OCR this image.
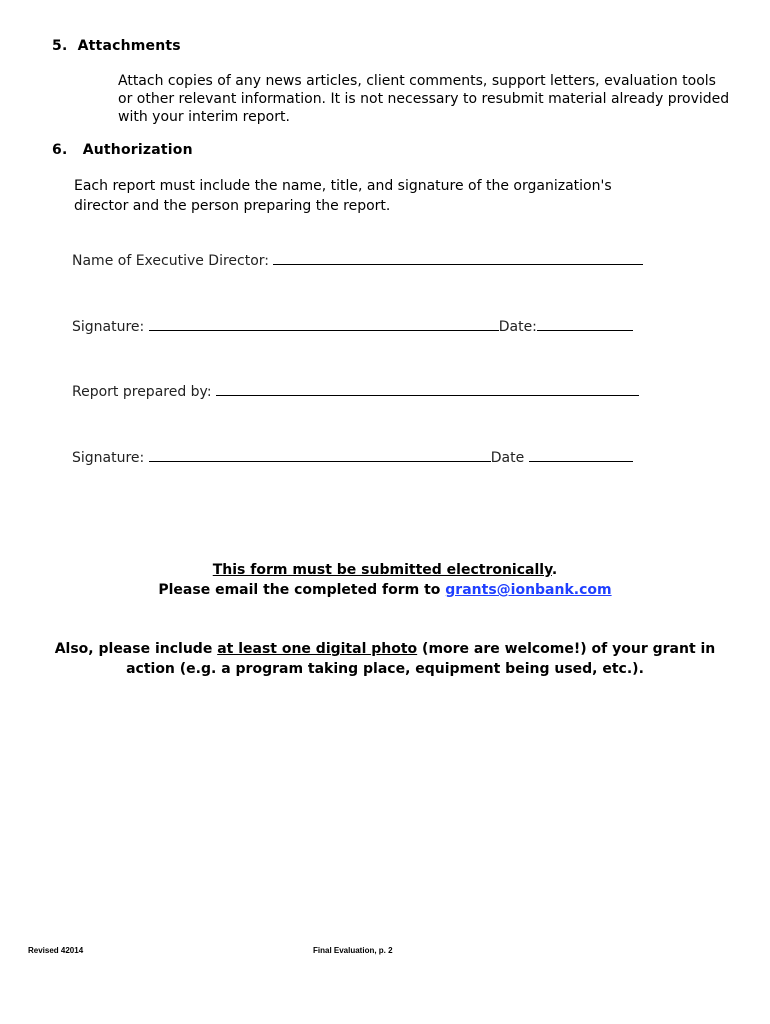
5. Attachments
Attach copies of any news articles, client comments, support letters, evaluation tools
or other relevant information. It is not necessary to resubmit material already provided
with your interim report.
6. Authorization
Each report must include the name, title, and signature of the organization's
director and the person preparing the report.
Name of Executive Director:
Signature:	Date:
Report prepared by:
Signature:	Date
This form must be submitted electronically.
Please email the completed form to grants@ionbank.com
Also, please include at least one digital photo (more are welcome!) of your grant in
action (e.g. a program taking place, equipment being used, etc.).
Revised 42014	Final Evaluation, p. 2
